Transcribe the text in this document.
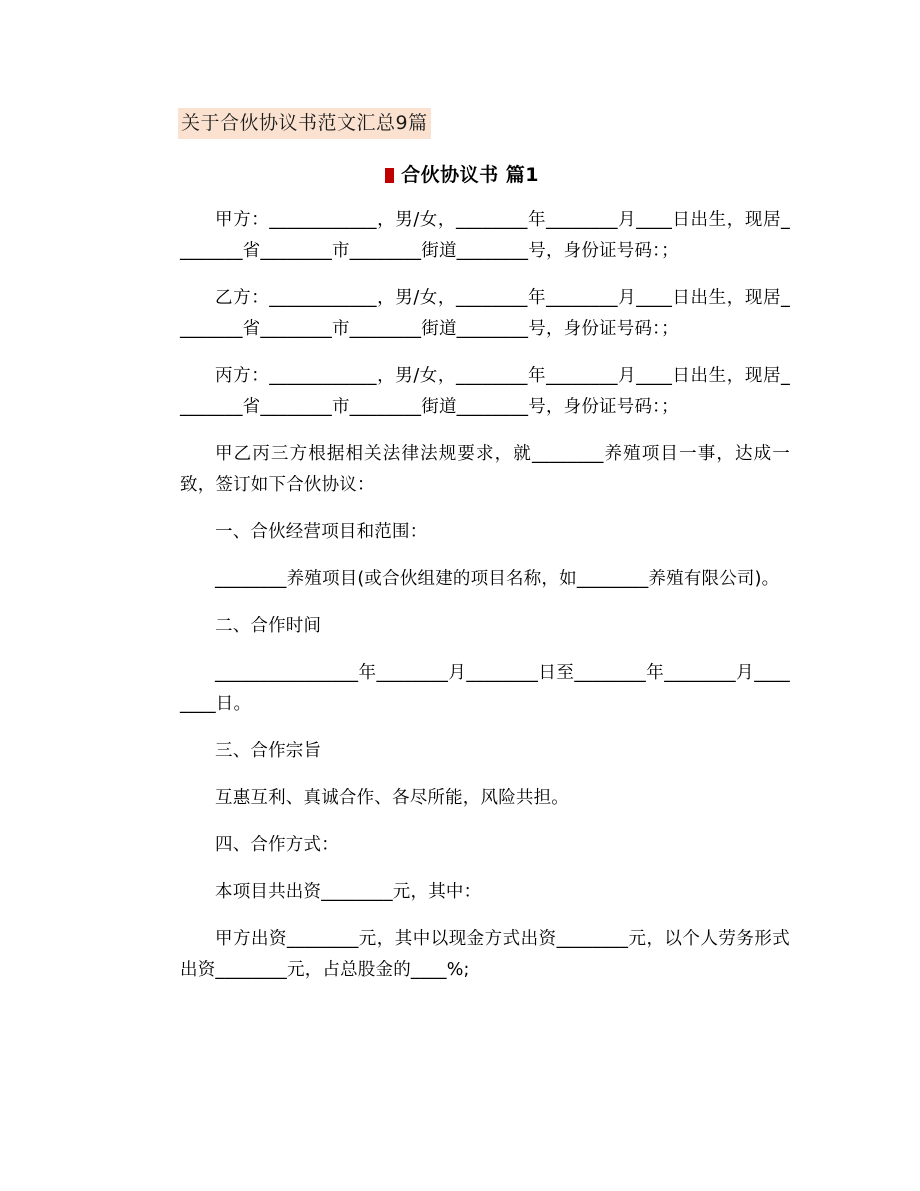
关于合伙协议书范文汇总9篇
合伙协议书 篇1

甲方：____________，男/女，________年________月____日出生，现居________省________市________街道________号，身份证号码：；

乙方：____________，男/女，________年________月____日出生，现居________省________市________街道________号，身份证号码：；

丙方：____________，男/女，________年________月____日出生，现居________省________市________街道________号，身份证号码：；

甲乙丙三方根据相关法律法规要求，就________养殖项目一事，达成一致，签订如下合伙协议：

一、合伙经营项目和范围：

________养殖项目(或合伙组建的项目名称，如________养殖有限公司)。

二、合作时间

________________年________月________日至________年________月________日。

三、合作宗旨

互惠互利、真诚合作、各尽所能，风险共担。

四、合作方式：

本项目共出资________元，其中：

甲方出资________元，其中以现金方式出资________元，以个人劳务形式出资________元，占总股金的____%;
